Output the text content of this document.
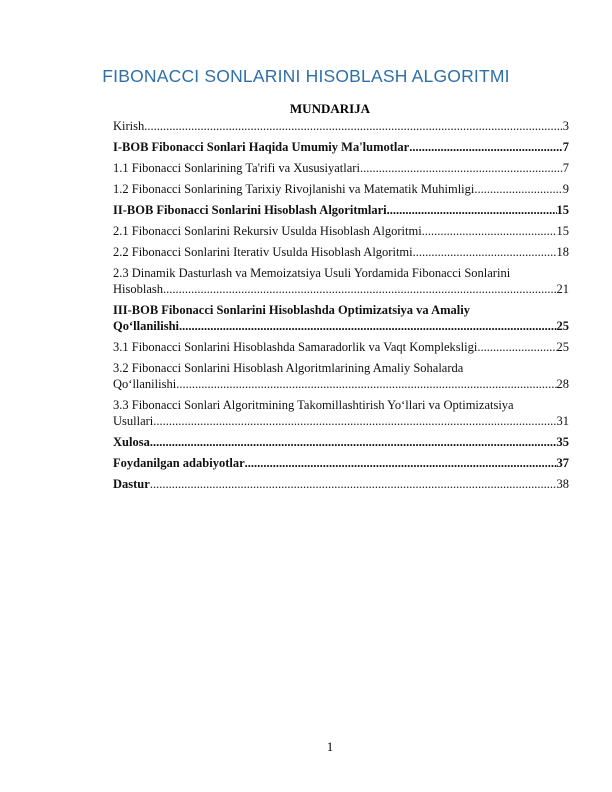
FIBONACCI SONLARINI HISOBLASH ALGORITMI
MUNDARIJA
Kirish .....	3
I-BOB Fibonacci Sonlari Haqida Umumiy Ma'lumotlar .....	7
1.1 Fibonacci Sonlarining Ta'rifi va Xususiyatlari .....	7
1.2 Fibonacci Sonlarining Tarixiy Rivojlanishi va Matematik Muhimligi .....	9
II-BOB Fibonacci Sonlarini Hisoblash Algoritmlari .....	15
2.1 Fibonacci Sonlarini Rekursiv Usulda Hisoblash Algoritmi .....	15
2.2 Fibonacci Sonlarini Iterativ Usulda Hisoblash Algoritmi .....	18
2.3 Dinamik Dasturlash va Memoizatsiya Usuli Yordamida Fibonacci Sonlarini
Hisoblash .....	21
III-BOB Fibonacci Sonlarini Hisoblashda Optimizatsiya va Amaliy
Qo‘llanilishi .....	25
3.1 Fibonacci Sonlarini Hisoblashda Samaradorlik va Vaqt Kompleksligi .....	25
3.2 Fibonacci Sonlarini Hisoblash Algoritmlarining Amaliy Sohalarda
Qo‘llanilishi .....	28
3.3 Fibonacci Sonlari Algoritmining Takomillashtirish Yo‘llari va Optimizatsiya
Usullari .....	31
Xulosa .....	35
Foydanilgan adabiyotlar .....	37
Dastur .....	38
1
